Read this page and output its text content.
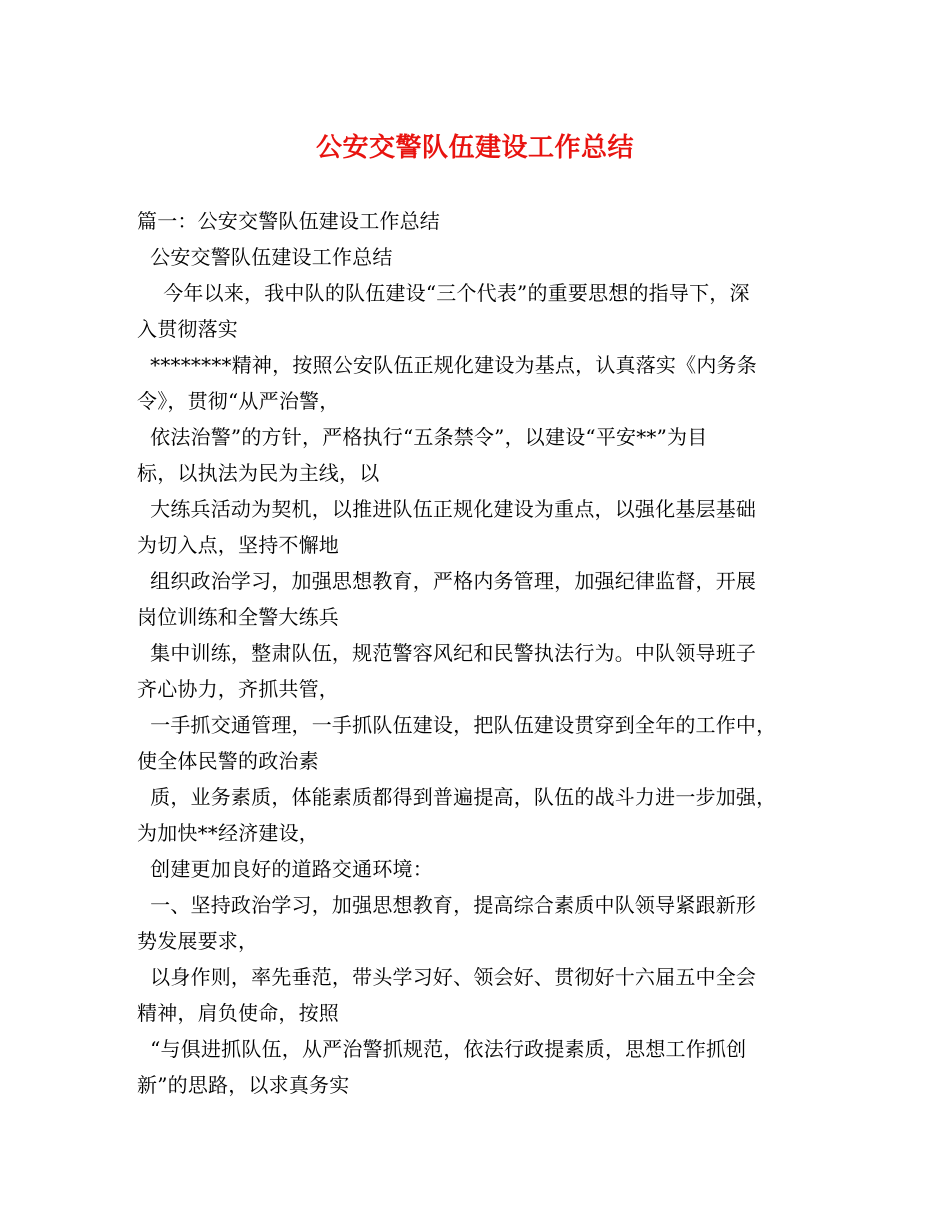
公安交警队伍建设工作总结
篇一：公安交警队伍建设工作总结
公安交警队伍建设工作总结
今年以来，我中队的队伍建设“三个代表”的重要思想的指导下，深
入贯彻落实
********精神，按照公安队伍正规化建设为基点，认真落实《内务条
令》，贯彻“从严治警，
依法治警”的方针，严格执行“五条禁令”，以建设“平安**”为目
标，以执法为民为主线，以
大练兵活动为契机，以推进队伍正规化建设为重点，以强化基层基础
为切入点，坚持不懈地
组织政治学习，加强思想教育，严格内务管理，加强纪律监督，开展
岗位训练和全警大练兵
集中训练，整肃队伍，规范警容风纪和民警执法行为。中队领导班子
齐心协力，齐抓共管，
一手抓交通管理，一手抓队伍建设，把队伍建设贯穿到全年的工作中，
使全体民警的政治素
质，业务素质，体能素质都得到普遍提高，队伍的战斗力进一步加强，
为加快**经济建设，
创建更加良好的道路交通环境：
一、坚持政治学习，加强思想教育，提高综合素质中队领导紧跟新形
势发展要求，
以身作则，率先垂范，带头学习好、领会好、贯彻好十六届五中全会
精神，肩负使命，按照
“与俱进抓队伍，从严治警抓规范，依法行政提素质，思想工作抓创
新”的思路，以求真务实
